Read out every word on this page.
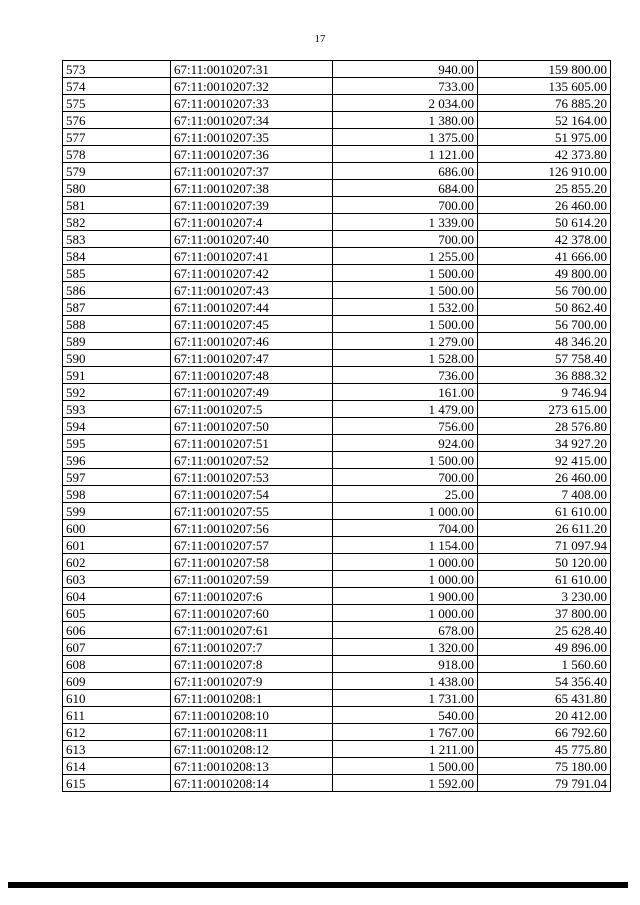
17
573	67:11:0010207:31	940.00	159 800.00
574	67:11:0010207:32	733.00	135 605.00
575	67:11:0010207:33	2 034.00	76 885.20
576	67:11:0010207:34	1 380.00	52 164.00
577	67:11:0010207:35	1 375.00	51 975.00
578	67:11:0010207:36	1 121.00	42 373.80
579	67:11:0010207:37	686.00	126 910.00
580	67:11:0010207:38	684.00	25 855.20
581	67:11:0010207:39	700.00	26 460.00
582	67:11:0010207:4	1 339.00	50 614.20
583	67:11:0010207:40	700.00	42 378.00
584	67:11:0010207:41	1 255.00	41 666.00
585	67:11:0010207:42	1 500.00	49 800.00
586	67:11:0010207:43	1 500.00	56 700.00
587	67:11:0010207:44	1 532.00	50 862.40
588	67:11:0010207:45	1 500.00	56 700.00
589	67:11:0010207:46	1 279.00	48 346.20
590	67:11:0010207:47	1 528.00	57 758.40
591	67:11:0010207:48	736.00	36 888.32
592	67:11:0010207:49	161.00	9 746.94
593	67:11:0010207:5	1 479.00	273 615.00
594	67:11:0010207:50	756.00	28 576.80
595	67:11:0010207:51	924.00	34 927.20
596	67:11:0010207:52	1 500.00	92 415.00
597	67:11:0010207:53	700.00	26 460.00
598	67:11:0010207:54	25.00	7 408.00
599	67:11:0010207:55	1 000.00	61 610.00
600	67:11:0010207:56	704.00	26 611.20
601	67:11:0010207:57	1 154.00	71 097.94
602	67:11:0010207:58	1 000.00	50 120.00
603	67:11:0010207:59	1 000.00	61 610.00
604	67:11:0010207:6	1 900.00	3 230.00
605	67:11:0010207:60	1 000.00	37 800.00
606	67:11:0010207:61	678.00	25 628.40
607	67:11:0010207:7	1 320.00	49 896.00
608	67:11:0010207:8	918.00	1 560.60
609	67:11:0010207:9	1 438.00	54 356.40
610	67:11:0010208:1	1 731.00	65 431.80
611	67:11:0010208:10	540.00	20 412.00
612	67:11:0010208:11	1 767.00	66 792.60
613	67:11:0010208:12	1 211.00	45 775.80
614	67:11:0010208:13	1 500.00	75 180.00
615	67:11:0010208:14	1 592.00	79 791.04
